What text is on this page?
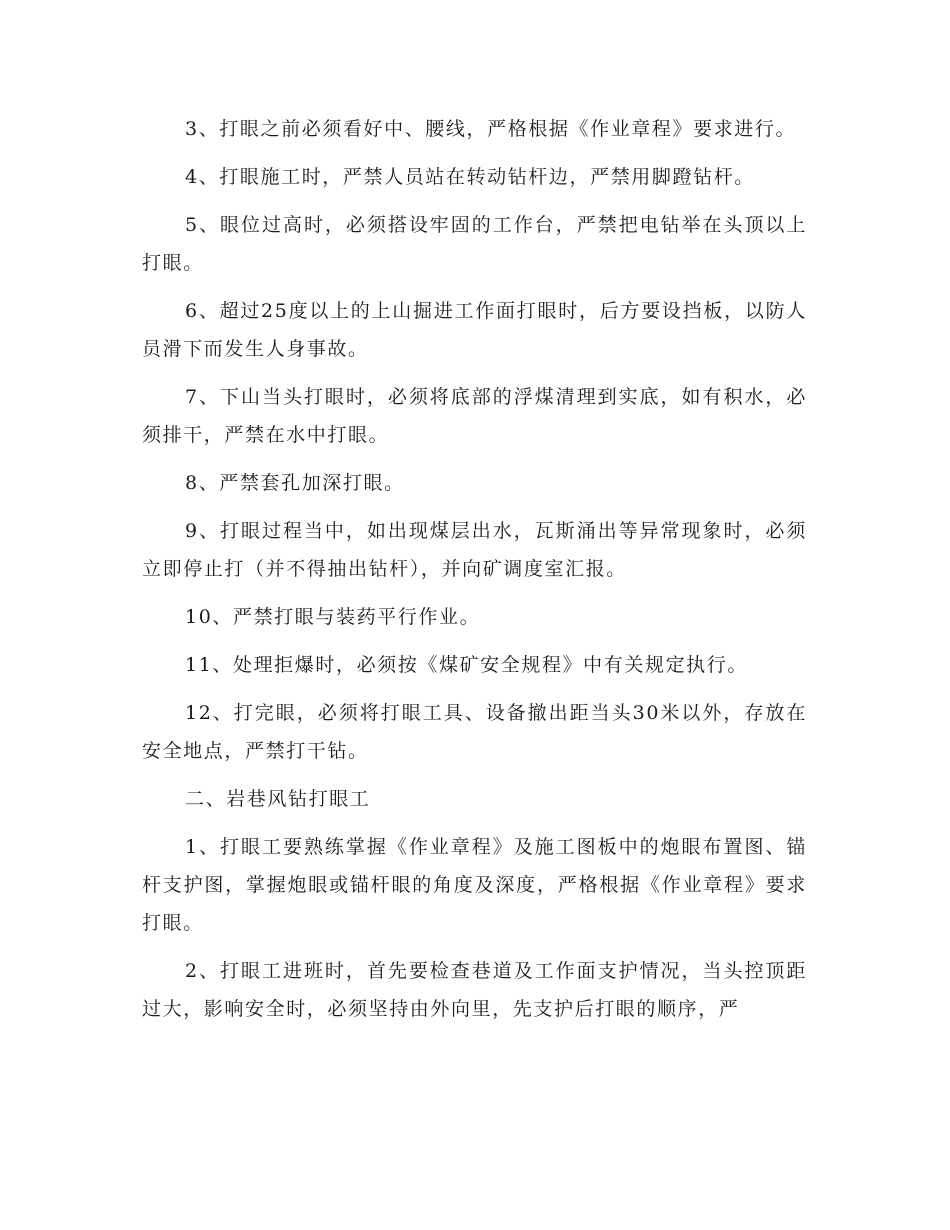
3、打眼之前必须看好中、腰线，严格根据《作业章程》要求进行。

4、打眼施工时，严禁人员站在转动钻杆边，严禁用脚蹬钻杆。

5、眼位过高时，必须搭设牢固的工作台，严禁把电钻举在头顶以上打眼。

6、超过25度以上的上山掘进工作面打眼时，后方要设挡板，以防人员滑下而发生人身事故。

7、下山当头打眼时，必须将底部的浮煤清理到实底，如有积水，必须排干，严禁在水中打眼。

8、严禁套孔加深打眼。

9、打眼过程当中，如出现煤层出水，瓦斯涌出等异常现象时，必须立即停止打（并不得抽出钻杆），并向矿调度室汇报。

10、严禁打眼与装药平行作业。

11、处理拒爆时，必须按《煤矿安全规程》中有关规定执行。

12、打完眼，必须将打眼工具、设备撤出距当头30米以外，存放在安全地点，严禁打干钻。

二、岩巷风钻打眼工

1、打眼工要熟练掌握《作业章程》及施工图板中的炮眼布置图、锚杆支护图，掌握炮眼或锚杆眼的角度及深度，严格根据《作业章程》要求打眼。

2、打眼工进班时，首先要检查巷道及工作面支护情况，当头控顶距过大，影响安全时，必须坚持由外向里，先支护后打眼的顺序，严
